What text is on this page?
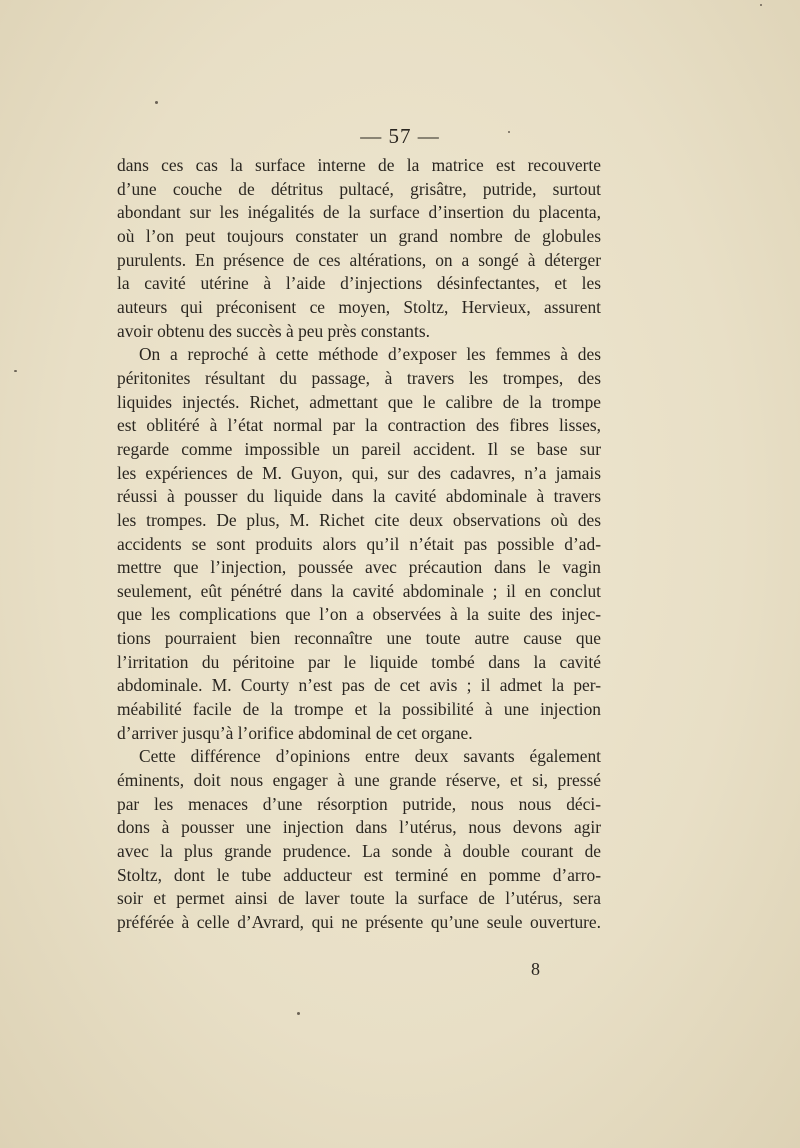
— 57 —
dans ces cas la surface interne de la matrice est recouverte
d’une couche de détritus pultacé, grisâtre, putride, surtout
abondant sur les inégalités de la surface d’insertion du placenta,
où l’on peut toujours constater un grand nombre de globules
purulents. En présence de ces altérations, on a songé à déterger
la cavité utérine à l’aide d’injections désinfectantes, et les
auteurs qui préconisent ce moyen, Stoltz, Hervieux, assurent
avoir obtenu des succès à peu près constants.
On a reproché à cette méthode d’exposer les femmes à des
péritonites résultant du passage, à travers les trompes, des
liquides injectés. Richet, admettant que le calibre de la trompe
est oblitéré à l’état normal par la contraction des fibres lisses,
regarde comme impossible un pareil accident. Il se base sur
les expériences de M. Guyon, qui, sur des cadavres, n’a jamais
réussi à pousser du liquide dans la cavité abdominale à travers
les trompes. De plus, M. Richet cite deux observations où des
accidents se sont produits alors qu’il n’était pas possible d’ad-
mettre que l’injection, poussée avec précaution dans le vagin
seulement, eût pénétré dans la cavité abdominale ; il en conclut
que les complications que l’on a observées à la suite des injec-
tions pourraient bien reconnaître une toute autre cause que
l’irritation du péritoine par le liquide tombé dans la cavité
abdominale. M. Courty n’est pas de cet avis ; il admet la per-
méabilité facile de la trompe et la possibilité à une injection
d’arriver jusqu’à l’orifice abdominal de cet organe.
Cette différence d’opinions entre deux savants également
éminents, doit nous engager à une grande réserve, et si, pressé
par les menaces d’une résorption putride, nous nous déci-
dons à pousser une injection dans l’utérus, nous devons agir
avec la plus grande prudence. La sonde à double courant de
Stoltz, dont le tube adducteur est terminé en pomme d’arro-
soir et permet ainsi de laver toute la surface de l’utérus, sera
préférée à celle d’Avrard, qui ne présente qu’une seule ouverture.
8
